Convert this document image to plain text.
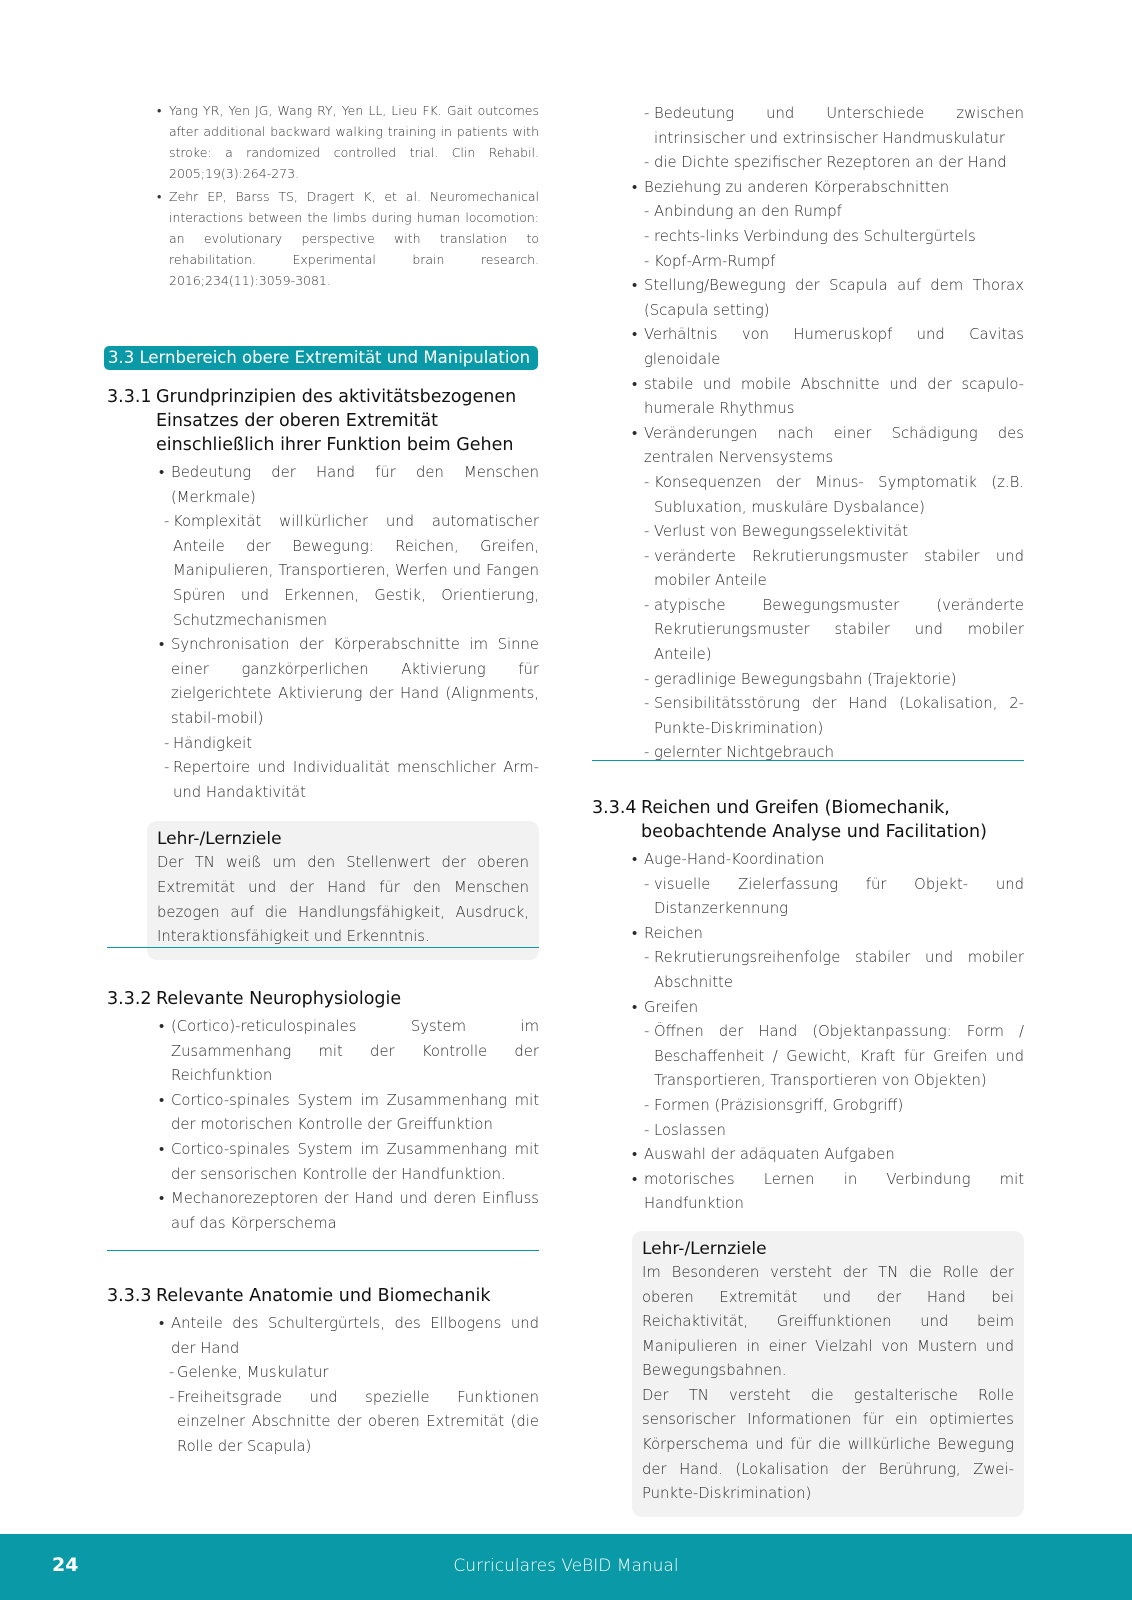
• Yang YR, Yen JG, Wang RY, Yen LL, Lieu FK. Gait outcomes after additional backward walking training in patients with stroke: a randomized controlled trial. Clin Rehabil. 2005;19(3):264-273.
• Zehr EP, Barss TS, Dragert K, et al. Neuromechanical interactions between the limbs during human locomotion: an evolutionary perspective with translation to rehabilitation. Experimental brain research. 2016;234(11):3059-3081.
3.3 Lernbereich obere Extremität und Manipulation
3.3.1 Grundprinzipien des aktivitätsbezogenen Einsatzes der oberen Extremität einschließlich ihrer Funktion beim Gehen
• Bedeutung der Hand für den Menschen (Merkmale)
- Komplexität willkürlicher und automatischer Anteile der Bewegung: Reichen, Greifen, Manipulieren, Transportieren, Werfen und Fangen Spüren und Erkennen, Gestik, Orientierung, Schutzmechanismen
• Synchronisation der Körperabschnitte im Sinne einer ganzkörperlichen Aktivierung für zielgerichtete Aktivierung der Hand (Alignments, stabil-mobil)
- Händigkeit
- Repertoire und Individualität menschlicher Arm- und Handaktivität
Lehr-/Lernziele

Der TN weiß um den Stellenwert der oberen Extremität und der Hand für den Menschen bezogen auf die Handlungsfähigkeit, Ausdruck, Interaktionsfähigkeit und Erkenntnis.

3.3.2 Relevante Neurophysiologie
• (Cortico)-reticulospinales System im Zusammenhang mit der Kontrolle der Reichfunktion
• Cortico-spinales System im Zusammenhang mit der motorischen Kontrolle der Greiffunktion
• Cortico-spinales System im Zusammenhang mit der sensorischen Kontrolle der Handfunktion.
• Mechanorezeptoren der Hand und deren Einfluss auf das Körperschema
3.3.3 Relevante Anatomie und Biomechanik
• Anteile des Schultergürtels, des Ellbogens und der Hand
- Gelenke, Muskulatur
- Freiheitsgrade und spezielle Funktionen einzelner Abschnitte der oberen Extremität (die Rolle der Scapula)
- Bedeutung und Unterschiede zwischen intrinsischer und extrinsischer Handmuskulatur
- die Dichte spezifischer Rezeptoren an der Hand
• Beziehung zu anderen Körperabschnitten
- Anbindung an den Rumpf
- rechts-links Verbindung des Schultergürtels
- Kopf-Arm-Rumpf
• Stellung/Bewegung der Scapula auf dem Thorax (Scapula setting)
• Verhältnis von Humeruskopf und Cavitas glenoidale
• stabile und mobile Abschnitte und der scapulo-humerale Rhythmus
• Veränderungen nach einer Schädigung des zentralen Nervensystems
- Konsequenzen der Minus- Symptomatik (z.B. Subluxation, muskuläre Dysbalance)
- Verlust von Bewegungsselektivität
- veränderte Rekrutierungsmuster stabiler und mobiler Anteile
- atypische Bewegungsmuster (veränderte Rekrutierungsmuster stabiler und mobiler Anteile)
- geradlinige Bewegungsbahn (Trajektorie)
- Sensibilitätsstörung der Hand (Lokalisation, 2-Punkte-Diskrimination)
- gelernter Nichtgebrauch
3.3.4 Reichen und Greifen (Biomechanik, beobachtende Analyse und Facilitation)
• Auge-Hand-Koordination
- visuelle Zielerfassung für Objekt- und Distanzerkennung
• Reichen
- Rekrutierungsreihenfolge stabiler und mobiler Abschnitte
• Greifen
- Öffnen der Hand (Objektanpassung: Form / Beschaffenheit / Gewicht, Kraft für Greifen und Transportieren, Transportieren von Objekten)
- Formen (Präzisionsgriff, Grobgriff)
- Loslassen
• Auswahl der adäquaten Aufgaben
• motorisches Lernen in Verbindung mit Handfunktion
Lehr-/Lernziele

Im Besonderen versteht der TN die Rolle der oberen Extremität und der Hand bei Reichaktivität, Greiffunktionen und beim Manipulieren in einer Vielzahl von Mustern und Bewegungsbahnen.

Der TN versteht die gestalterische Rolle sensorischer Informationen für ein optimiertes Körperschema und für die willkürliche Bewegung der Hand. (Lokalisation der Berührung, Zwei-Punkte-Diskrimination)

24	Curriculares VeBID Manual
